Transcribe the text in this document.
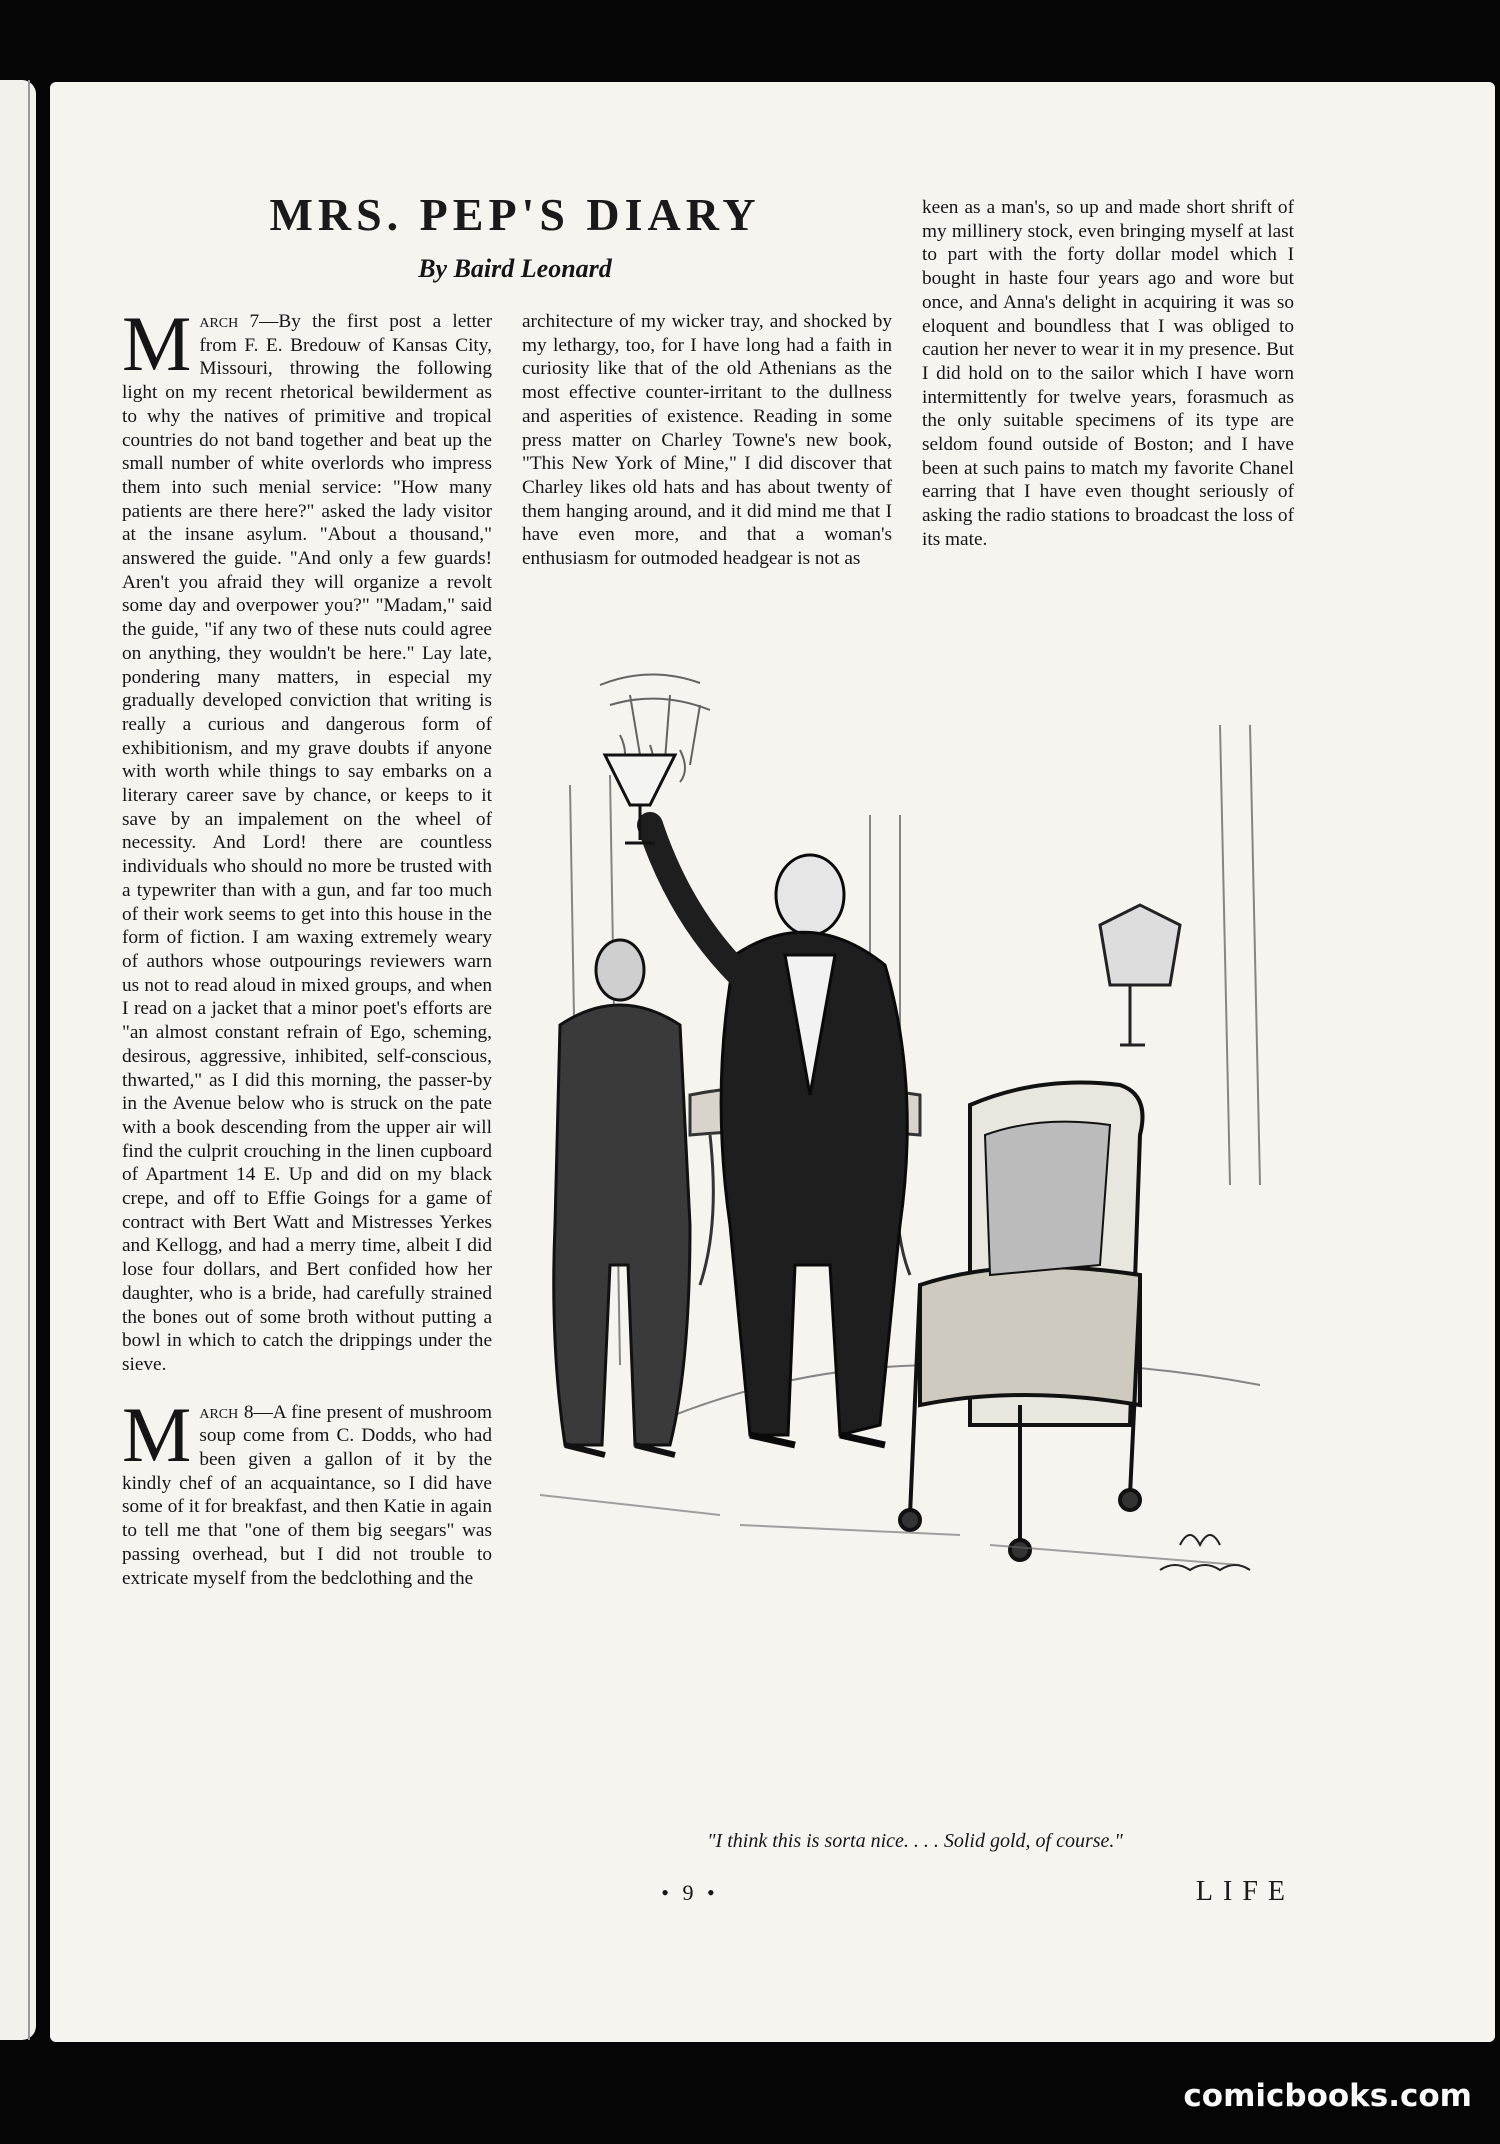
MRS. PEP'S DIARY
By Baird Leonard

March 7—By the first post a letter from F. E. Bredouw of Kansas City, Missouri, throwing the following light on my recent rhetorical bewilderment as to why the natives of primitive and tropical countries do not band together and beat up the small number of white overlords who impress them into such menial service: "How many patients are there here?" asked the lady visitor at the insane asylum. "About a thousand," answered the guide. "And only a few guards! Aren't you afraid they will organize a revolt some day and overpower you?" "Madam," said the guide, "if any two of these nuts could agree on anything, they wouldn't be here." Lay late, pondering many matters, in especial my gradually developed conviction that writing is really a curious and dangerous form of exhibitionism, and my grave doubts if anyone with worth while things to say embarks on a literary career save by chance, or keeps to it save by an impalement on the wheel of necessity. And Lord! there are countless individuals who should no more be trusted with a typewriter than with a gun, and far too much of their work seems to get into this house in the form of fiction. I am waxing extremely weary of authors whose outpourings reviewers warn us not to read aloud in mixed groups, and when I read on a jacket that a minor poet's efforts are "an almost constant refrain of Ego, scheming, desirous, aggressive, inhibited, self-conscious, thwarted," as I did this morning, the passer-by in the Avenue below who is struck on the pate with a book descending from the upper air will find the culprit crouching in the linen cupboard of Apartment 14 E. Up and did on my black crepe, and off to Effie Goings for a game of contract with Bert Watt and Mistresses Yerkes and Kellogg, and had a merry time, albeit I did lose four dollars, and Bert confided how her daughter, who is a bride, had carefully strained the bones out of some broth without putting a bowl in which to catch the drippings under the sieve.

March 8—A fine present of mushroom soup come from C. Dodds, who had been given a gallon of it by the kindly chef of an acquaintance, so I did have some of it for breakfast, and then Katie in again to tell me that "one of them big seegars" was passing overhead, but I did not trouble to extricate myself from the bedclothing and the

architecture of my wicker tray, and shocked by my lethargy, too, for I have long had a faith in curiosity like that of the old Athenians as the most effective counter-irritant to the dullness and asperities of existence. Reading in some press matter on Charley Towne's new book, "This New York of Mine," I did discover that Charley likes old hats and has about twenty of them hanging around, and it did mind me that I have even more, and that a woman's enthusiasm for outmoded headgear is not as

keen as a man's, so up and made short shrift of my millinery stock, even bringing myself at last to part with the forty dollar model which I bought in haste four years ago and wore but once, and Anna's delight in acquiring it was so eloquent and boundless that I was obliged to caution her never to wear it in my presence. But I did hold on to the sailor which I have worn intermittently for twelve years, forasmuch as the only suitable specimens of its type are seldom found outside of Boston; and I have been at such pains to match my favorite Chanel earring that I have even thought seriously of asking the radio stations to broadcast the loss of its mate.

"I think this is sorta nice. . . . Solid gold, of course."
• 9 •	LIFE
comicbooks.com
